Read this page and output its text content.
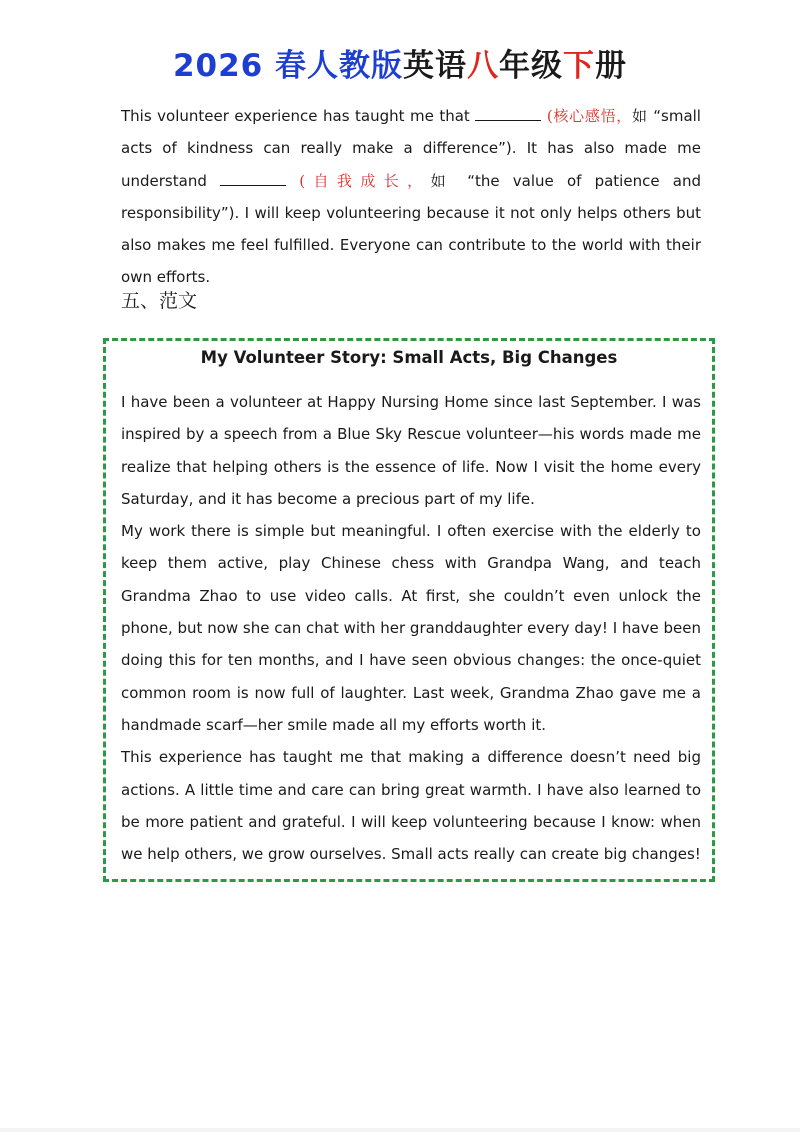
2026 春人教版英语八年级下册
This volunteer experience has taught me that	(核心感悟，如 “small acts of kindness can really make a difference”). It has also made me understand	(自我成长，如 “the value of patience and responsibility”). I will keep volunteering because it not only helps others but also makes me feel fulfilled. Everyone can contribute to the world with their own efforts.
五、范文
My Volunteer Story: Small Acts, Big Changes

I have been a volunteer at Happy Nursing Home since last September. I was inspired by a speech from a Blue Sky Rescue volunteer—his words made me realize that helping others is the essence of life. Now I visit the home every Saturday, and it has become a precious part of my life.

My work there is simple but meaningful. I often exercise with the elderly to keep them active, play Chinese chess with Grandpa Wang, and teach Grandma Zhao to use video calls. At first, she couldn’t even unlock the phone, but now she can chat with her granddaughter every day! I have been doing this for ten months, and I have seen obvious changes: the once-quiet common room is now full of laughter. Last week, Grandma Zhao gave me a handmade scarf—her smile made all my efforts worth it.

This experience has taught me that making a difference doesn’t need big actions. A little time and care can bring great warmth. I have also learned to be more patient and grateful. I will keep volunteering because I know: when we help others, we grow ourselves. Small acts really can create big changes!
